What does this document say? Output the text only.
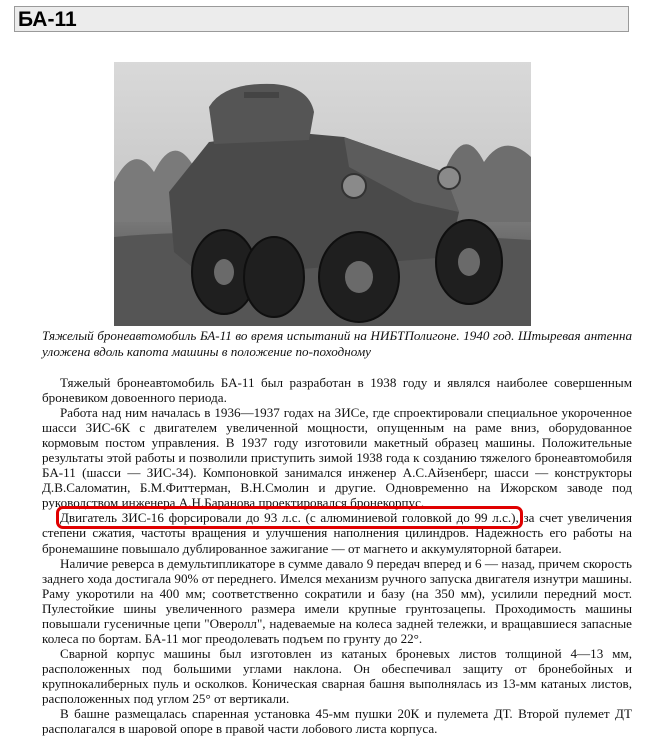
БА-11

Тяжелый бронеавтомобиль БА-11 во время испытаний на НИБТПолигоне. 1940 год. Штыревая антенна уложена вдоль капота машины в положение по-походному

Тяжелый бронеавтомобиль БА-11 был разработан в 1938 году и являлся наиболее совершенным броневиком довоенного периода.

Работа над ним началась в 1936—1937 годах на ЗИСе, где спроектировали специальное укороченное шасси ЗИС-6К с двигателем увеличенной мощности, опущенным на раме вниз, оборудованное кормовым постом управления. В 1937 году изготовили макетный образец машины. Положительные результаты этой работы и позволили приступить зимой 1938 года к созданию тяжелого бронеавтомобиля БА-11 (шасси — ЗИС-34). Компоновкой занимался инженер А.С.Айзенберг, шасси — конструкторы Д.В.Саломатин, Б.М.Фиттерман, В.Н.Смолин и другие. Одновременно на Ижорском заводе под руководством инженера А.Н.Баранова проектировался бронекорпус.

Двигатель ЗИС-16 форсировали до 93 л.с. (с алюминиевой головкой до 99 л.с.), за счет увеличения степени сжатия, частоты вращения и улучшения наполнения цилиндров. Надежность его работы на бронемашине повышало дублированное зажигание — от магнето и аккумуляторной батареи.

Наличие реверса в демультипликаторе в сумме давало 9 передач вперед и 6 — назад, причем скорость заднего хода достигала 90% от переднего. Имелся механизм ручного запуска двигателя изнутри машины. Раму укоротили на 400 мм; соответственно сократили и базу (на 350 мм), усилили передний мост. Пулестойкие шины увеличенного размера имели крупные грунтозацепы. Проходимость машины повышали гусеничные цепи "Оверолл", надеваемые на колеса задней тележки, и вращавшиеся запасные колеса по бортам. БА-11 мог преодолевать подъем по грунту до 22°.

Сварной корпус машины был изготовлен из катаных броневых листов толщиной 4—13 мм, расположенных под большими углами наклона. Он обеспечивал защиту от бронебойных и крупнокалиберных пуль и осколков. Коническая сварная башня выполнялась из 13-мм катаных листов, расположенных под углом 25° от вертикали.

В башне размещалась спаренная установка 45-мм пушки 20К и пулемета ДТ. Второй пулемет ДТ располагался в шаровой опоре в правой части лобового листа корпуса.
